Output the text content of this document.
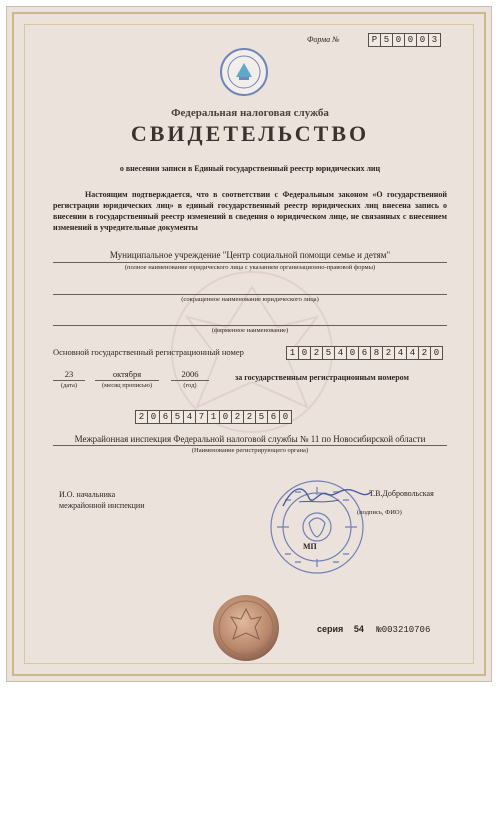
Форма №	Р 5 0 0 0 3
Федеральная налоговая служба
СВИДЕТЕЛЬСТВО
о внесении записи в Единый государственный реестр юридических лиц
Настоящим подтверждается, что в соответствии с Федеральным законом «О государственной регистрации юридических лиц» в единый государственный реестр юридических лиц внесена запись о внесении в государственный реестр изменений в сведения о юридическом лице, не связанных с внесением изменений в учредительные документы
Муниципальное учреждение "Центр социальной помощи семье и детям"
(полное наименование юридического лица с указанием организационно-правовой формы)
(сокращенное наименование юридического лица)
(фирменное наименование)
Основной государственный регистрационный номер	1 0 2 5 4 0 6 8 2 4 4 2 0
23
(дата)
октября
(месяц прописью)
2006
(год)
за государственным регистрационным номером
2 0 6 5 4 7 1 0 2 2 5 6 0
Межрайонная инспекция Федеральной налоговой службы № 11 по Новосибирской области
(Наименование регистрирующего органа)
И.О. начальника
межрайонной инспекции
Т.В.Добровольская
(подпись, ФИО)
МП
серия 54 №003210706
